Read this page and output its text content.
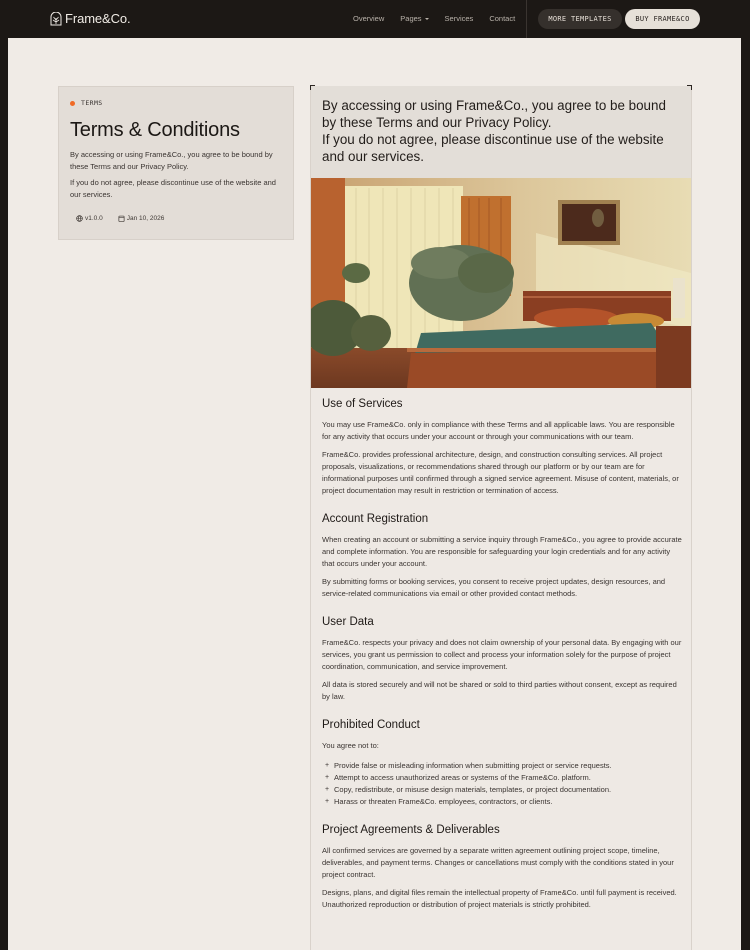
Frame&Co.	Overview Pages	Services Contact	MORE TEMPLATES	BUY FRAME&CO
TERMS
Terms & Conditions

By accessing or using Frame&Co., you agree to be bound by these Terms and our Privacy Policy.

If you do not agree, please discontinue use of the website and our services.

v1.0.0	Jan 10, 2026

By accessing or using Frame&Co., you agree to be bound by these Terms and our Privacy Policy.

If you do not agree, please discontinue use of the website and our services.

Use of Services

You may use Frame&Co. only in compliance with these Terms and all applicable laws. You are responsible for any activity that occurs under your account or through your communications with our team.

Frame&Co. provides professional architecture, design, and construction consulting services. All project proposals, visualizations, or recommendations shared through our platform or by our team are for informational purposes until confirmed through a signed service agreement. Misuse of content, materials, or project documentation may result in restriction or termination of access.

Account Registration

When creating an account or submitting a service inquiry through Frame&Co., you agree to provide accurate and complete information. You are responsible for safeguarding your login credentials and for any activity that occurs under your account.

By submitting forms or booking services, you consent to receive project updates, design resources, and service-related communications via email or other provided contact methods.

User Data

Frame&Co. respects your privacy and does not claim ownership of your personal data. By engaging with our services, you grant us permission to collect and process your information solely for the purpose of project coordination, communication, and service improvement.

All data is stored securely and will not be shared or sold to third parties without consent, except as required by law.

Prohibited Conduct

You agree not to:

+ Provide false or misleading information when submitting project or service requests.
+ Attempt to access unauthorized areas or systems of the Frame&Co. platform.
+ Copy, redistribute, or misuse design materials, templates, or project documentation.
+ Harass or threaten Frame&Co. employees, contractors, or clients.
Project Agreements & Deliverables

All confirmed services are governed by a separate written agreement outlining project scope, timeline, deliverables, and payment terms. Changes or cancellations must comply with the conditions stated in your project contract.

Designs, plans, and digital files remain the intellectual property of Frame&Co. until full payment is received. Unauthorized reproduction or distribution of project materials is strictly prohibited.
